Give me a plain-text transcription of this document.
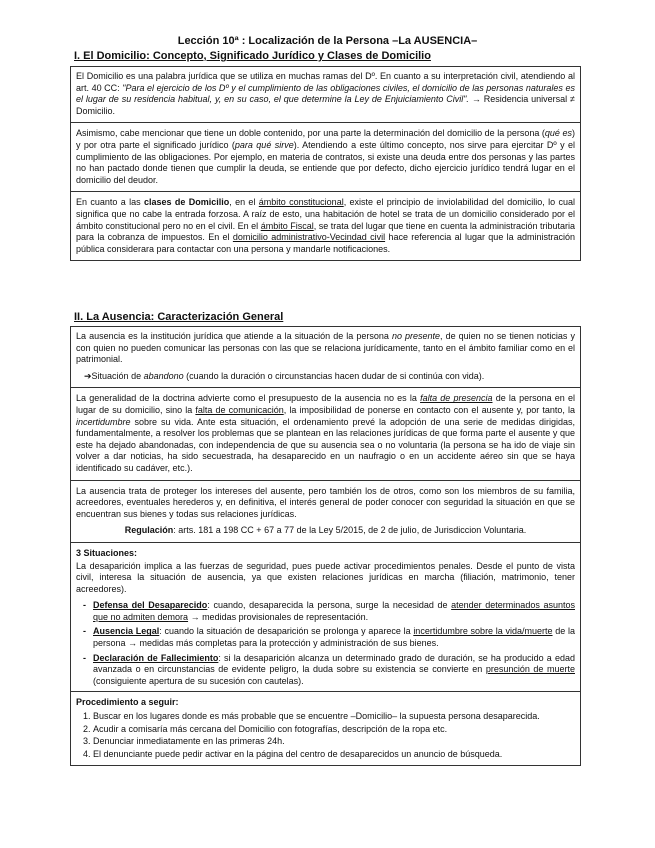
Lección 10ª : Localización de la Persona –La AUSENCIA–
I. El Domicilio: Concepto, Significado Jurídico y Clases de Domicilio

El Domicilio es una palabra jurídica que se utiliza en muchas ramas del Dº. En cuanto a su interpretación civil, atendiendo al art. 40 CC: "Para el ejercicio de los Dº y el cumplimiento de las obligaciones civiles, el domicilio de las personas naturales es el lugar de su residencia habitual, y, en su caso, el que determine la Ley de Enjuiciamiento Civil". → Residencia universal ≠ Domicilio.

Asimismo, cabe mencionar que tiene un doble contenido, por una parte la determinación del domicilio de la persona (qué es) y por otra parte el significado jurídico (para qué sirve). Atendiendo a este último concepto, nos sirve para ejercitar Dº y el cumplimiento de las obligaciones. Por ejemplo, en materia de contratos, si existe una deuda entre dos personas y las partes no han pactado donde tienen que cumplir la deuda, se entiende que por defecto, dicho ejercicio jurídico tendrá lugar en el domicilio del deudor.

En cuanto a las clases de Domicilio, en el ámbito constitucional, existe el principio de inviolabilidad del domicilio, lo cual significa que no cabe la entrada forzosa. A raíz de esto, una habitación de hotel se trata de un domicilio considerado por el ámbito constitucional pero no en el civil. En el ámbito Fiscal, se trata del lugar que tiene en cuenta la administración tributaria para la cobranza de impuestos. En el domicilio administrativo-Vecindad civil hace referencia al lugar que la administración pública considerara para contactar con una persona y mandarle notificaciones.

II. La Ausencia: Caracterización General

La ausencia es la institución jurídica que atiende a la situación de la persona no presente, de quien no se tienen noticias y con quien no pueden comunicar las personas con las que se relaciona jurídicamente, tanto en el ámbito familiar como en el patrimonial.

➔Situación de abandono (cuando la duración o circunstancias hacen dudar de si continúa con vida).

La generalidad de la doctrina advierte como el presupuesto de la ausencia no es la falta de presencia de la persona en el lugar de su domicilio, sino la falta de comunicación, la imposibilidad de ponerse en contacto con el ausente y, por tanto, la incertidumbre sobre su vida. Ante esta situación, el ordenamiento prevé la adopción de una serie de medidas dirigidas, fundamentalmente, a resolver los problemas que se plantean en las relaciones jurídicas de que forma parte el ausente y que este ha dejado abandonadas, con independencia de que su ausencia sea o no voluntaria (la persona se ha ido de viaje sin volver a dar noticias, ha sido secuestrada, ha desaparecido en un naufragio o en un accidente aéreo sin que se haya identificado su cadáver, etc.).

La ausencia trata de proteger los intereses del ausente, pero también los de otros, como son los miembros de su familia, acreedores, eventuales herederos y, en definitiva, el interés general de poder conocer con seguridad la situación en que se encuentran sus bienes y todas sus relaciones jurídicas.

Regulación: arts. 181 a 198 CC + 67 a 77 de la Ley 5/2015, de 2 de julio, de Jurisdiccion Voluntaria.

3 Situaciones:

La desaparición implica a las fuerzas de seguridad, pues puede activar procedimientos penales. Desde el punto de vista civil, interesa la situación de ausencia, ya que existen relaciones jurídicas en marcha (filiación, matrimonio, tener acreedores).

- Defensa del Desaparecido: cuando, desaparecida la persona, surge la necesidad de atender determinados asuntos que no admiten demora → medidas provisionales de representación.
- Ausencia Legal: cuando la situación de desaparición se prolonga y aparece la incertidumbre sobre la vida/muerte de la persona → medidas más completas para la protección y administración de sus bienes.
- Declaración de Fallecimiento: si la desaparición alcanza un determinado grado de duración, se ha producido a edad avanzada o en circunstancias de evidente peligro, la duda sobre su existencia se convierte en presunción de muerte (consiguiente apertura de su sucesión con cautelas).

Procedimiento a seguir:

1. Buscar en los lugares donde es más probable que se encuentre –Domicilio– la supuesta persona desaparecida.
2. Acudir a comisaría más cercana del Domicilio con fotografías, descripción de la ropa etc.
3. Denunciar inmediatamente en las primeras 24h.
4. El denunciante puede pedir activar en la página del centro de desaparecidos un anuncio de búsqueda.
